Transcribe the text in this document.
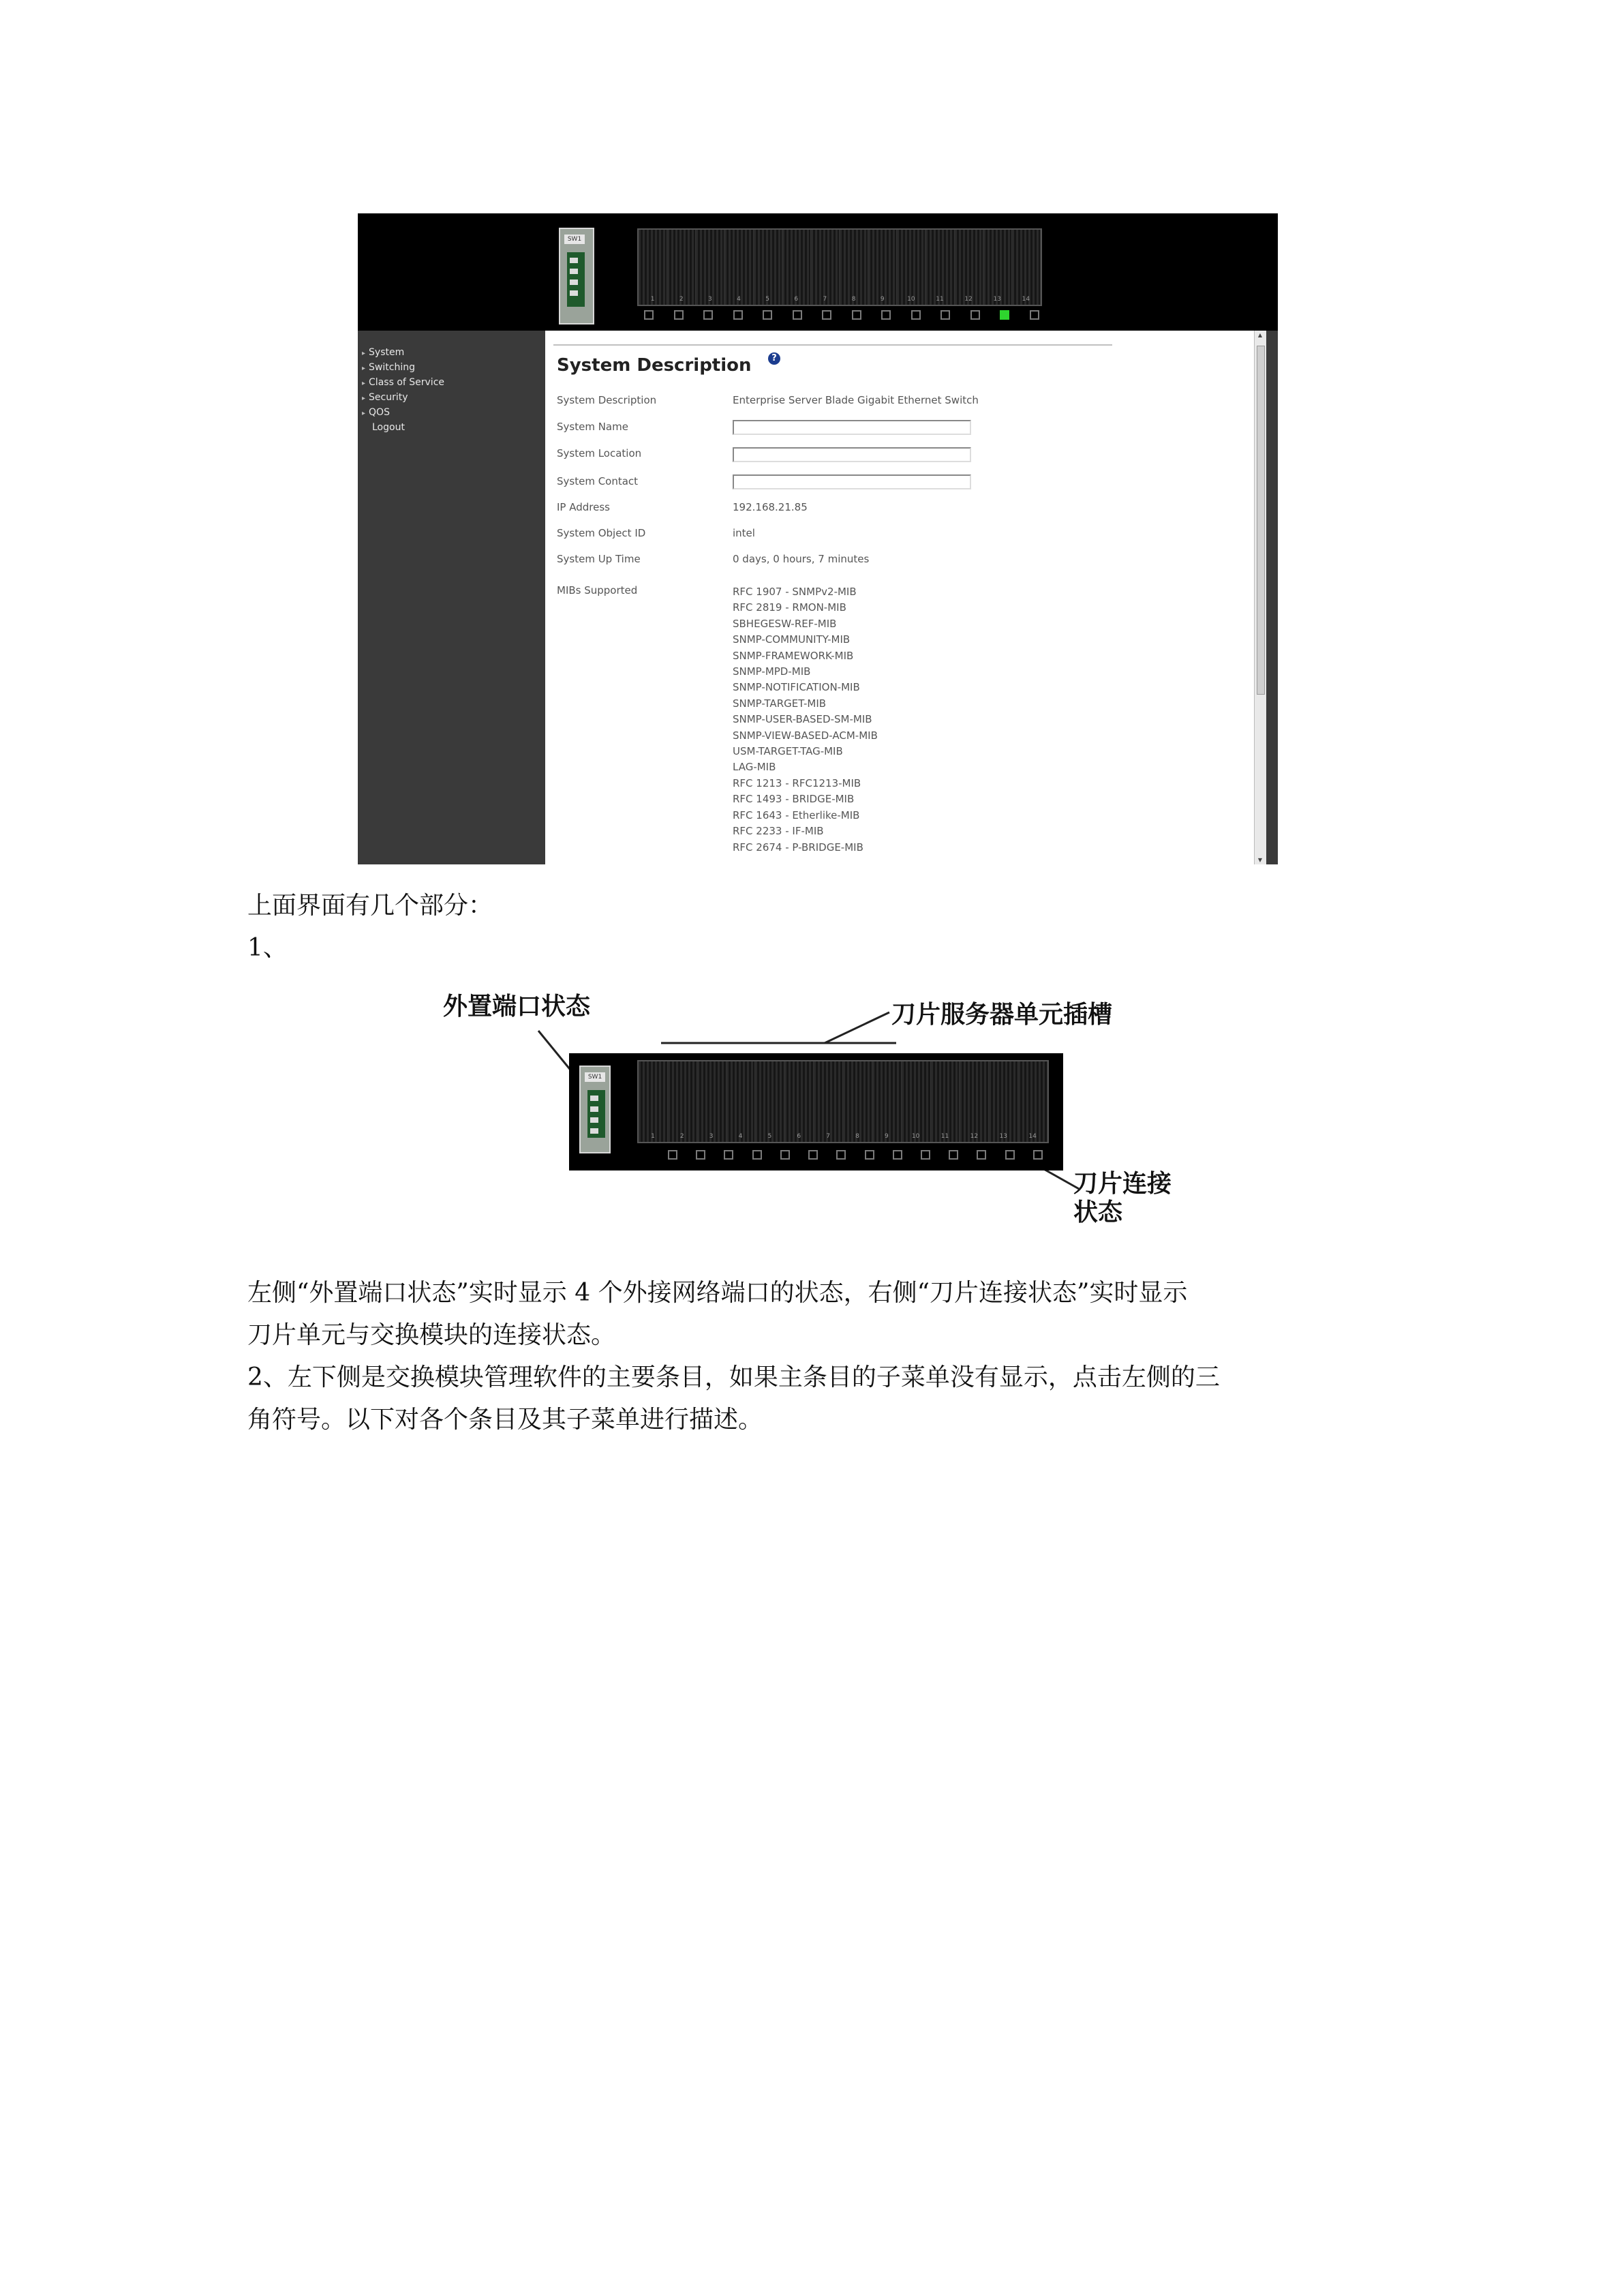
SW1
1	2	3	4	5	6	7	8	9	10	11	12	13	14
▸ System
▸ Switching
▸ Class of Service
▸ Security
▸ QOS
Logout
System Description	?
System Description	Enterprise Server Blade Gigabit Ethernet Switch
System Name
System Location
System Contact
IP Address	192.168.21.85
System Object ID	intel
System Up Time	0 days, 0 hours, 7 minutes
MIBs Supported	RFC 1907 - SNMPv2-MIB
RFC 2819 - RMON-MIB
SBHEGESW-REF-MIB
SNMP-COMMUNITY-MIB
SNMP-FRAMEWORK-MIB
SNMP-MPD-MIB
SNMP-NOTIFICATION-MIB
SNMP-TARGET-MIB
SNMP-USER-BASED-SM-MIB
SNMP-VIEW-BASED-ACM-MIB
USM-TARGET-TAG-MIB
LAG-MIB
RFC 1213 - RFC1213-MIB
RFC 1493 - BRIDGE-MIB
RFC 1643 - Etherlike-MIB
RFC 2233 - IF-MIB
RFC 2674 - P-BRIDGE-MIB
▲
▼
上面界面有几个部分：
1、
外置端口状态	刀片服务器单元插槽
刀片连接
状态
SW1
1	2	3	4	5	6	7	8	9	10	11	12	13	14
左侧“外置端口状态”实时显示 4 个外接网络端口的状态，右侧“刀片连接状态”实时显示
刀片单元与交换模块的连接状态。
2、左下侧是交换模块管理软件的主要条目，如果主条目的子菜单没有显示，点击左侧的三
角符号。以下对各个条目及其子菜单进行描述。
